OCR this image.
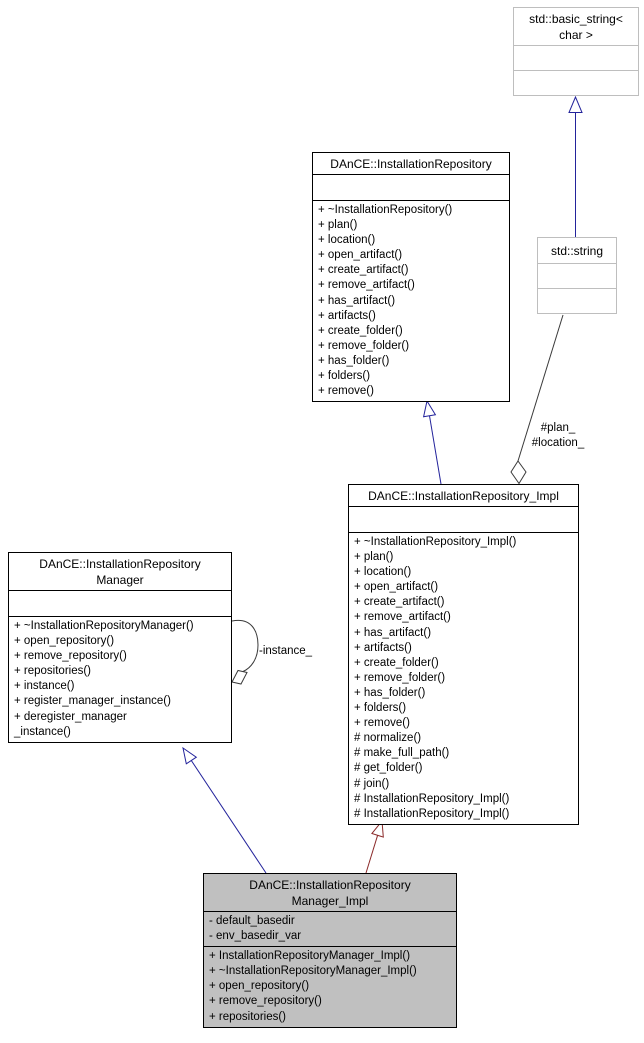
std::basic_string<
char >
std::string
DAnCE::InstallationRepository
+ ~InstallationRepository()
+ plan()
+ location()
+ open_artifact()
+ create_artifact()
+ remove_artifact()
+ has_artifact()
+ artifacts()
+ create_folder()
+ remove_folder()
+ has_folder()
+ folders()
+ remove()
DAnCE::InstallationRepository_Impl
+ ~InstallationRepository_Impl()
+ plan()
+ location()
+ open_artifact()
+ create_artifact()
+ remove_artifact()
+ has_artifact()
+ artifacts()
+ create_folder()
+ remove_folder()
+ has_folder()
+ folders()
+ remove()
# normalize()
# make_full_path()
# get_folder()
# join()
# InstallationRepository_Impl()
# InstallationRepository_Impl()
DAnCE::InstallationRepository
Manager
+ ~InstallationRepositoryManager()
+ open_repository()
+ remove_repository()
+ repositories()
+ instance()
+ register_manager_instance()
+ deregister_manager
_instance()
DAnCE::InstallationRepository
Manager_Impl
- default_basedir
- env_basedir_var
+ InstallationRepositoryManager_Impl()
+ ~InstallationRepositoryManager_Impl()
+ open_repository()
+ remove_repository()
+ repositories()
#plan_
#location_
-instance_
